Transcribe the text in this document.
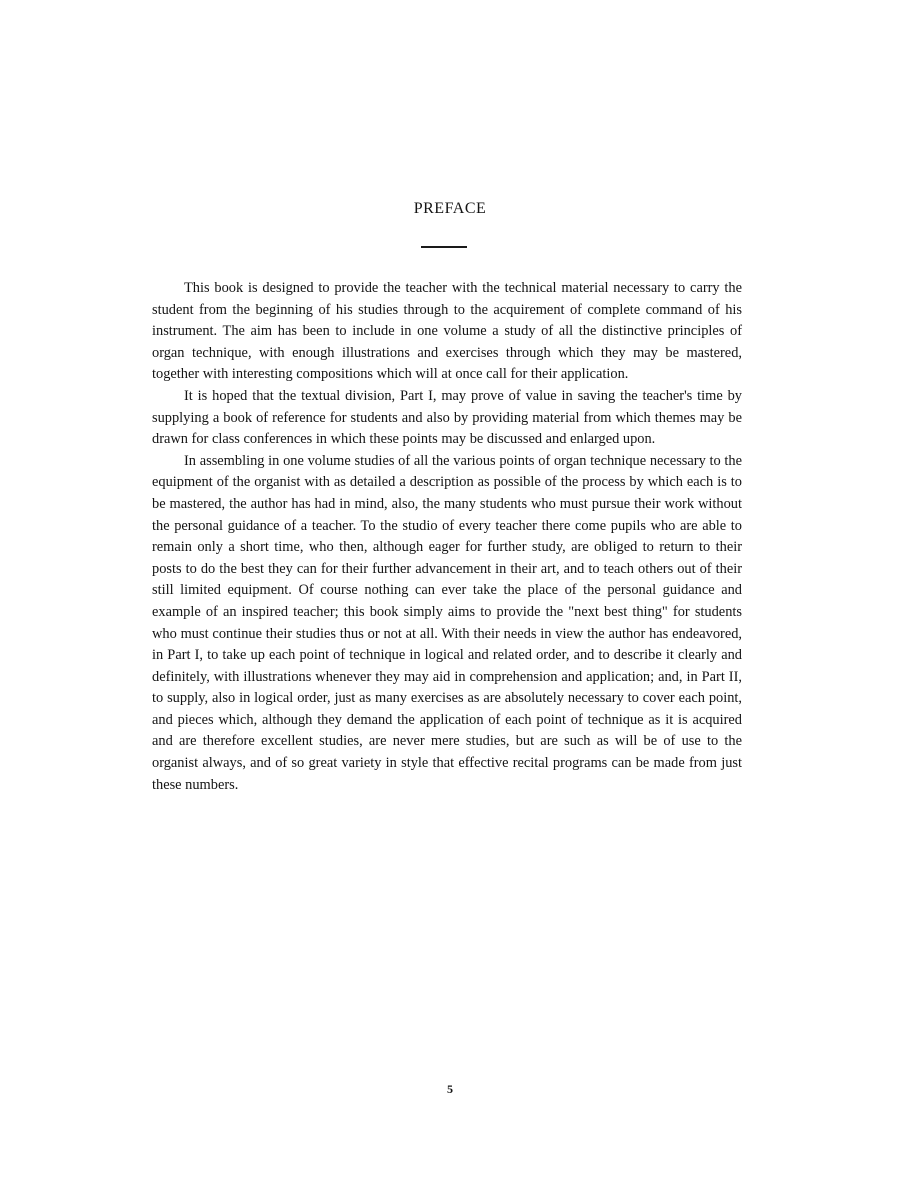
PREFACE

This book is designed to provide the teacher with the technical material necessary to carry the student from the beginning of his studies through to the acquirement of complete command of his instrument. The aim has been to include in one volume a study of all the distinctive principles of organ technique, with enough illustrations and exercises through which they may be mastered, together with interesting compositions which will at once call for their application.

It is hoped that the textual division, Part I, may prove of value in saving the teacher's time by supplying a book of reference for students and also by providing material from which themes may be drawn for class conferences in which these points may be discussed and enlarged upon.

In assembling in one volume studies of all the various points of organ technique necessary to the equipment of the organist with as detailed a description as possible of the process by which each is to be mastered, the author has had in mind, also, the many students who must pursue their work without the personal guidance of a teacher. To the studio of every teacher there come pupils who are able to remain only a short time, who then, although eager for further study, are obliged to return to their posts to do the best they can for their further advancement in their art, and to teach others out of their still limited equipment. Of course nothing can ever take the place of the personal guidance and example of an inspired teacher; this book simply aims to provide the "next best thing" for students who must continue their studies thus or not at all. With their needs in view the author has endeavored, in Part I, to take up each point of technique in logical and related order, and to describe it clearly and definitely, with illustrations whenever they may aid in comprehension and application; and, in Part II, to supply, also in logical order, just as many exercises as are absolutely necessary to cover each point, and pieces which, although they demand the application of each point of technique as it is acquired and are therefore excellent studies, are never mere studies, but are such as will be of use to the organist always, and of so great variety in style that effective recital programs can be made from just these numbers.

5
